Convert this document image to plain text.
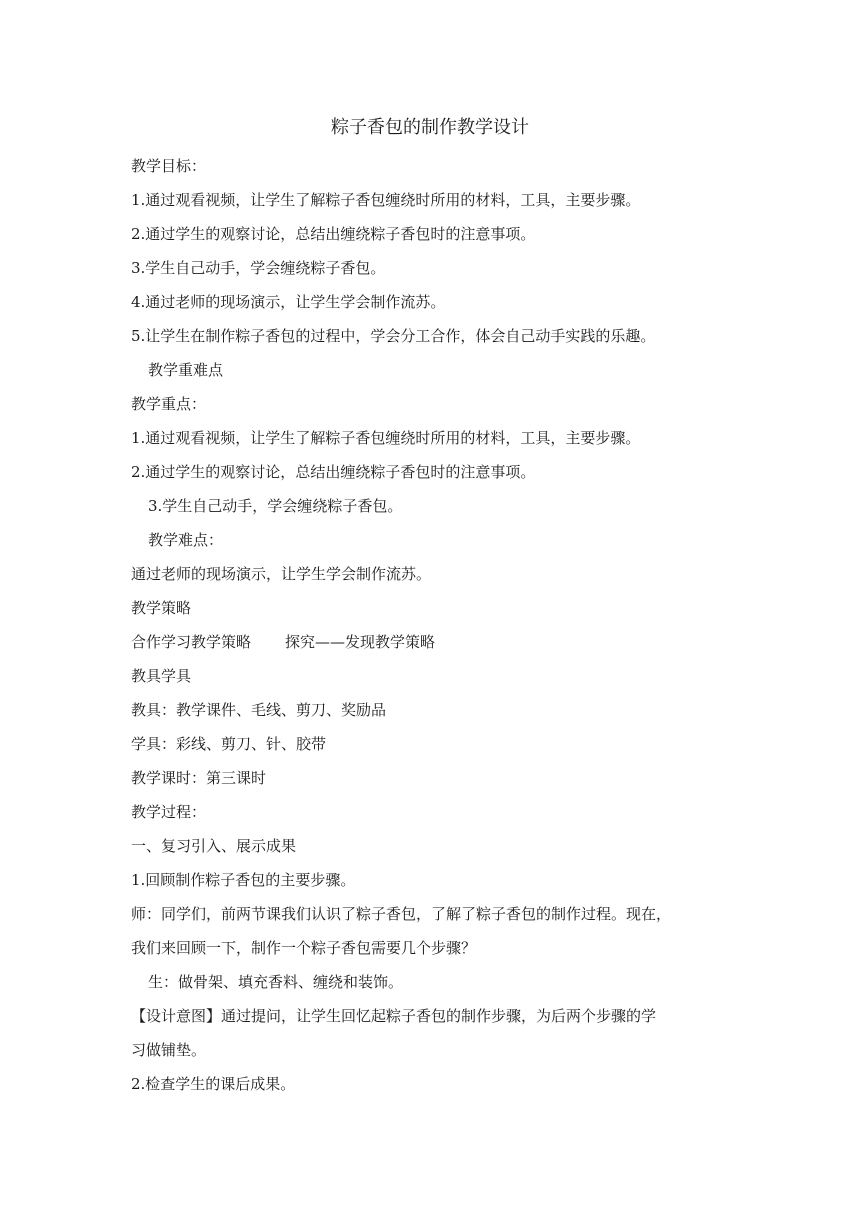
粽子香包的制作教学设计
教学目标：
1.通过观看视频，让学生了解粽子香包缠绕时所用的材料，工具，主要步骤。
2.通过学生的观察讨论，总结出缠绕粽子香包时的注意事项。
3.学生自己动手，学会缠绕粽子香包。
4.通过老师的现场演示，让学生学会制作流苏。
5.让学生在制作粽子香包的过程中，学会分工合作，体会自己动手实践的乐趣。
教学重难点
教学重点：
1.通过观看视频，让学生了解粽子香包缠绕时所用的材料，工具，主要步骤。
2.通过学生的观察讨论，总结出缠绕粽子香包时的注意事项。
3.学生自己动手，学会缠绕粽子香包。
教学难点：
通过老师的现场演示，让学生学会制作流苏。
教学策略
合作学习教学策略 探究——发现教学策略
教具学具
教具：教学课件、毛线、剪刀、奖励品
学具：彩线、剪刀、针、胶带
教学课时：第三课时
教学过程：
一、复习引入、展示成果
1.回顾制作粽子香包的主要步骤。
师：同学们，前两节课我们认识了粽子香包，了解了粽子香包的制作过程。现在，
我们来回顾一下，制作一个粽子香包需要几个步骤？
生：做骨架、填充香料、缠绕和装饰。
【设计意图】通过提问，让学生回忆起粽子香包的制作步骤，为后两个步骤的学
习做铺垫。
2.检查学生的课后成果。
